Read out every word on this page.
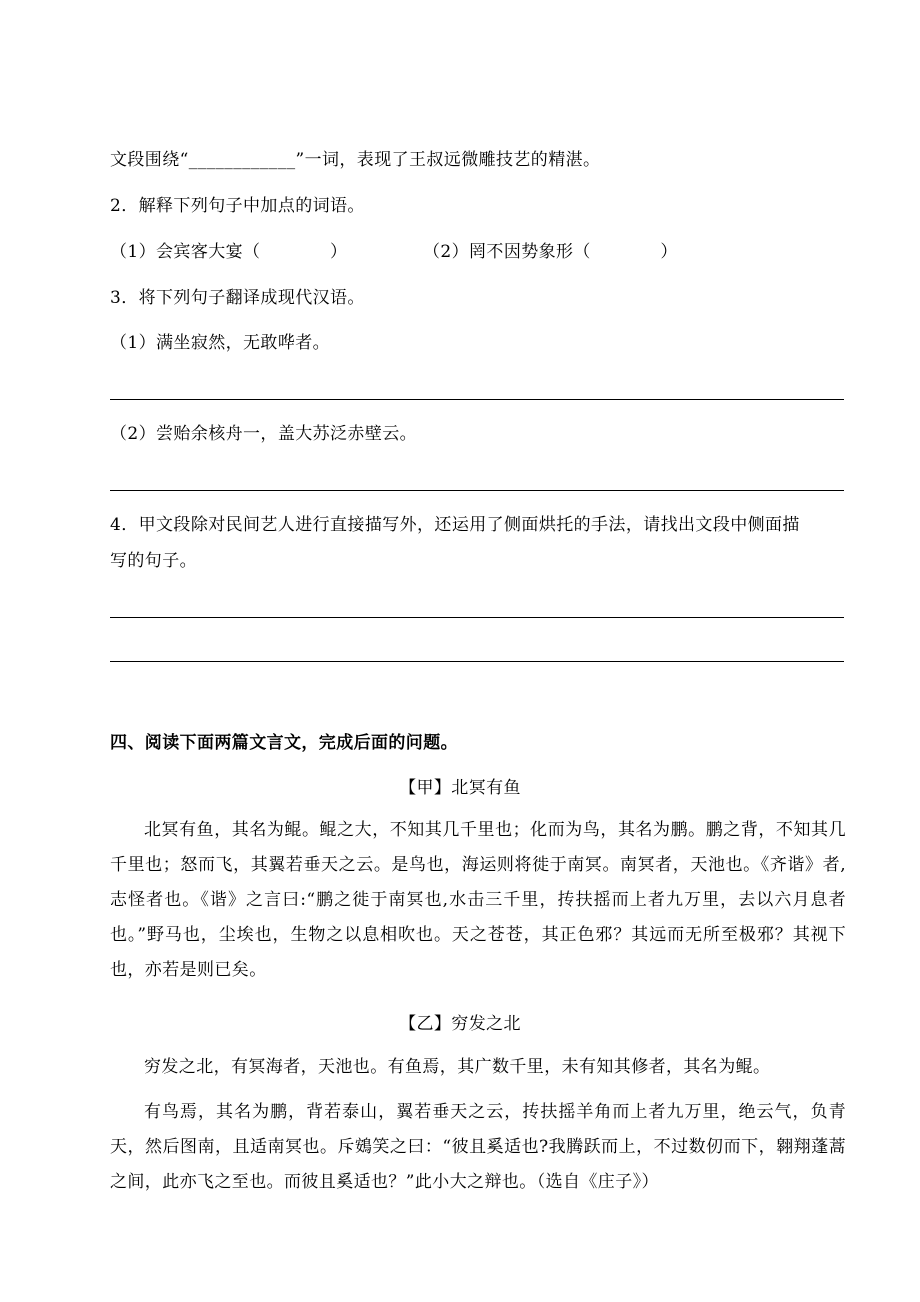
文段围绕“____________”一词，表现了王叔远微雕技艺的精湛。
2．解释下列句子中加点的词语。
（1）会宾客大宴（　　　　）	（2）罔不因势象形（　　　　）
3．将下列句子翻译成现代汉语。
（1）满坐寂然，无敢哗者。
（2）尝贻余核舟一，盖大苏泛赤壁云。
4．甲文段除对民间艺人进行直接描写外，还运用了侧面烘托的手法，请找出文段中侧面描
写的句子。
四、阅读下面两篇文言文，完成后面的问题。
【甲】北冥有鱼
北冥有鱼，其名为鲲。鲲之大，不知其几千里也；化而为鸟，其名为鹏。鹏之背，不知其几千里也；怒而飞，其翼若垂天之云。是鸟也，海运则将徙于南冥。南冥者，天池也。《齐谐》者,志怪者也。《谐》之言曰:“鹏之徙于南冥也,水击三千里，抟扶摇而上者九万里，去以六月息者也。”野马也，尘埃也，生物之以息相吹也。天之苍苍，其正色邪？其远而无所至极邪？其视下也，亦若是则已矣。
【乙】穷发之北
穷发之北，有冥海者，天池也。有鱼焉，其广数千里，未有知其修者，其名为鲲。
有鸟焉，其名为鹏，背若泰山，翼若垂天之云，抟扶摇羊角而上者九万里，绝云气，负青天，然后图南，且适南冥也。斥鴳笑之曰：“彼且奚适也?我腾跃而上，不过数仞而下，翱翔蓬蒿之间，此亦飞之至也。而彼且奚适也？”此小大之辩也。（选自《庄子》）
